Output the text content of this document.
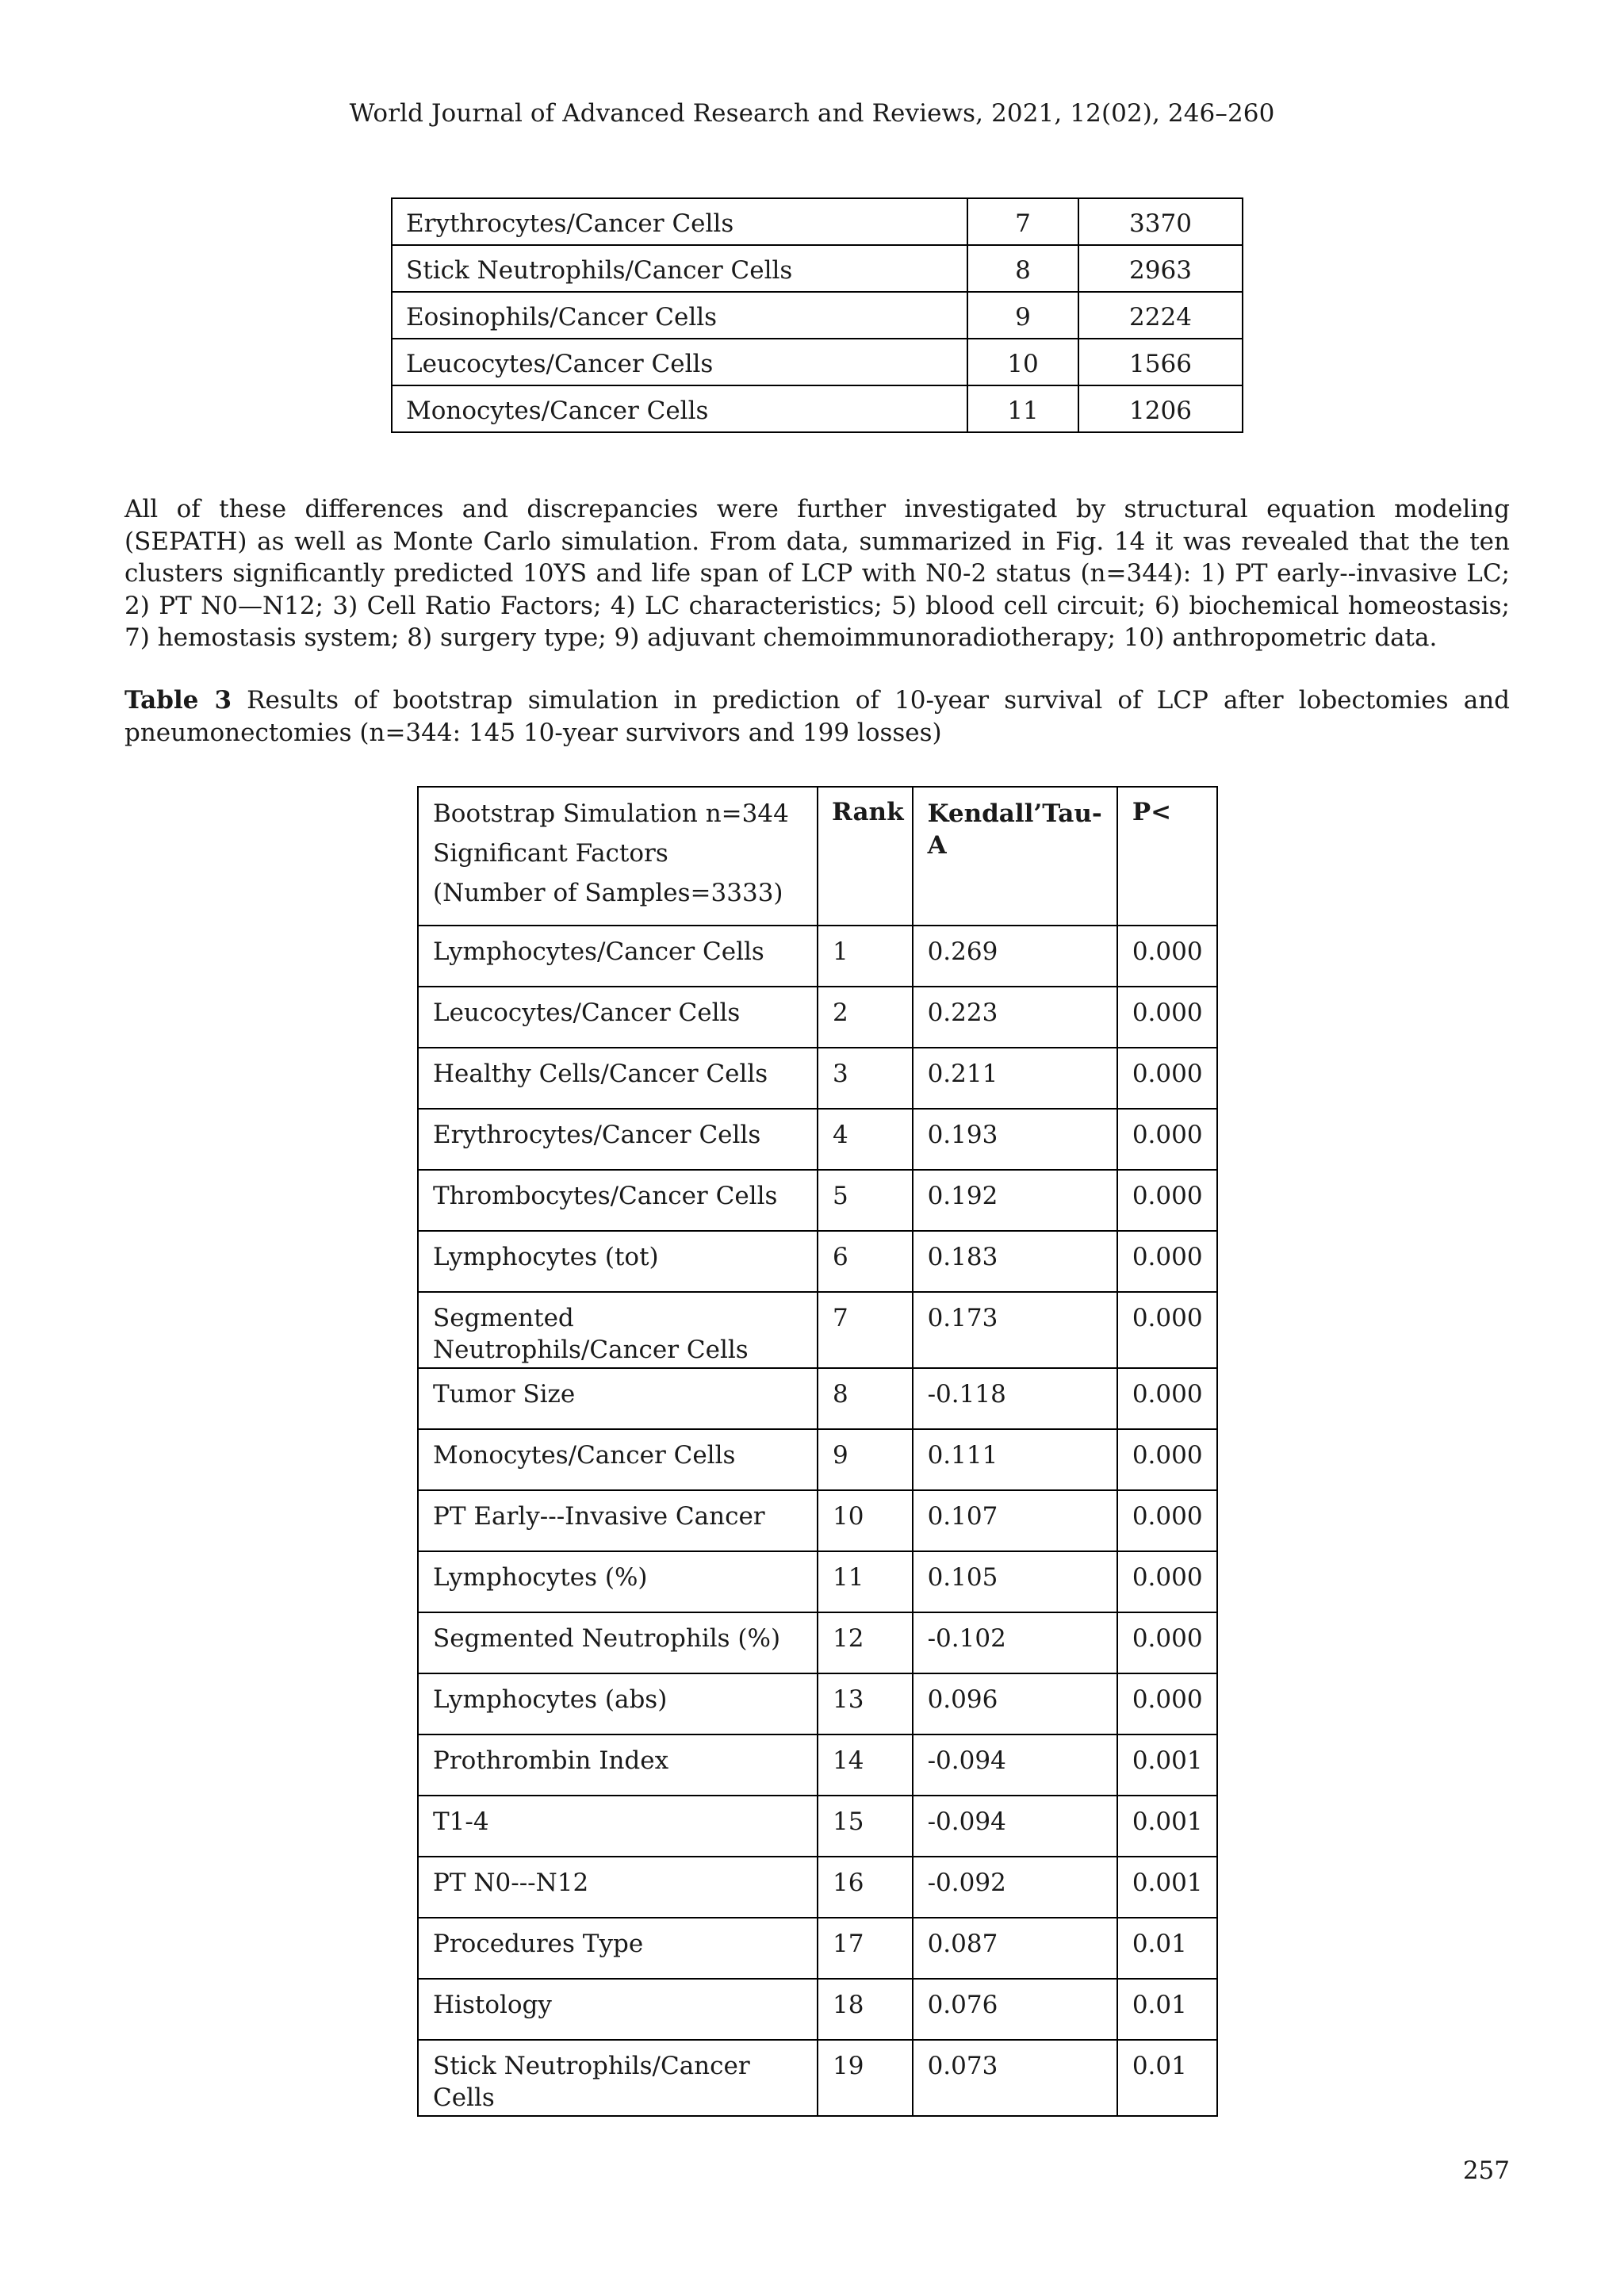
World Journal of Advanced Research and Reviews, 2021, 12(02), 246–260
Erythrocytes/Cancer Cells	7	3370
Stick Neutrophils/Cancer Cells	8	2963
Eosinophils/Cancer Cells	9	2224
Leucocytes/Cancer Cells	10	1566
Monocytes/Cancer Cells	11	1206

All of these differences and discrepancies were further investigated by structural equation modeling (SEPATH) as well as Monte Carlo simulation. From data, summarized in Fig. 14 it was revealed that the ten clusters significantly predicted 10YS and life span of LCP with N0-2 status (n=344): 1) PT early--invasive LC; 2) PT N0—N12; 3) Cell Ratio Factors; 4) LC characteristics; 5) blood cell circuit; 6) biochemical homeostasis; 7) hemostasis system; 8) surgery type; 9) adjuvant chemoimmunoradiotherapy; 10) anthropometric data.

Table 3 Results of bootstrap simulation in prediction of 10-year survival of LCP after lobectomies and pneumonectomies (n=344: 145 10-year survivors and 199 losses)

Bootstrap Simulation n=344
Significant Factors
(Number of Samples=3333)	Rank	Kendall’Tau-A	P<
Lymphocytes/Cancer Cells	1	0.269	0.000
Leucocytes/Cancer Cells	2	0.223	0.000
Healthy Cells/Cancer Cells	3	0.211	0.000
Erythrocytes/Cancer Cells	4	0.193	0.000
Thrombocytes/Cancer Cells	5	0.192	0.000
Lymphocytes (tot)	6	0.183	0.000
Segmented Neutrophils/Cancer Cells	7	0.173	0.000
Tumor Size	8	-0.118	0.000
Monocytes/Cancer Cells	9	0.111	0.000
PT Early---Invasive Cancer	10	0.107	0.000
Lymphocytes (%)	11	0.105	0.000
Segmented Neutrophils (%)	12	-0.102	0.000
Lymphocytes (abs)	13	0.096	0.000
Prothrombin Index	14	-0.094	0.001
T1-4	15	-0.094	0.001
PT N0---N12	16	-0.092	0.001
Procedures Type	17	0.087	0.01
Histology	18	0.076	0.01
Stick Neutrophils/Cancer Cells	19	0.073	0.01
257
